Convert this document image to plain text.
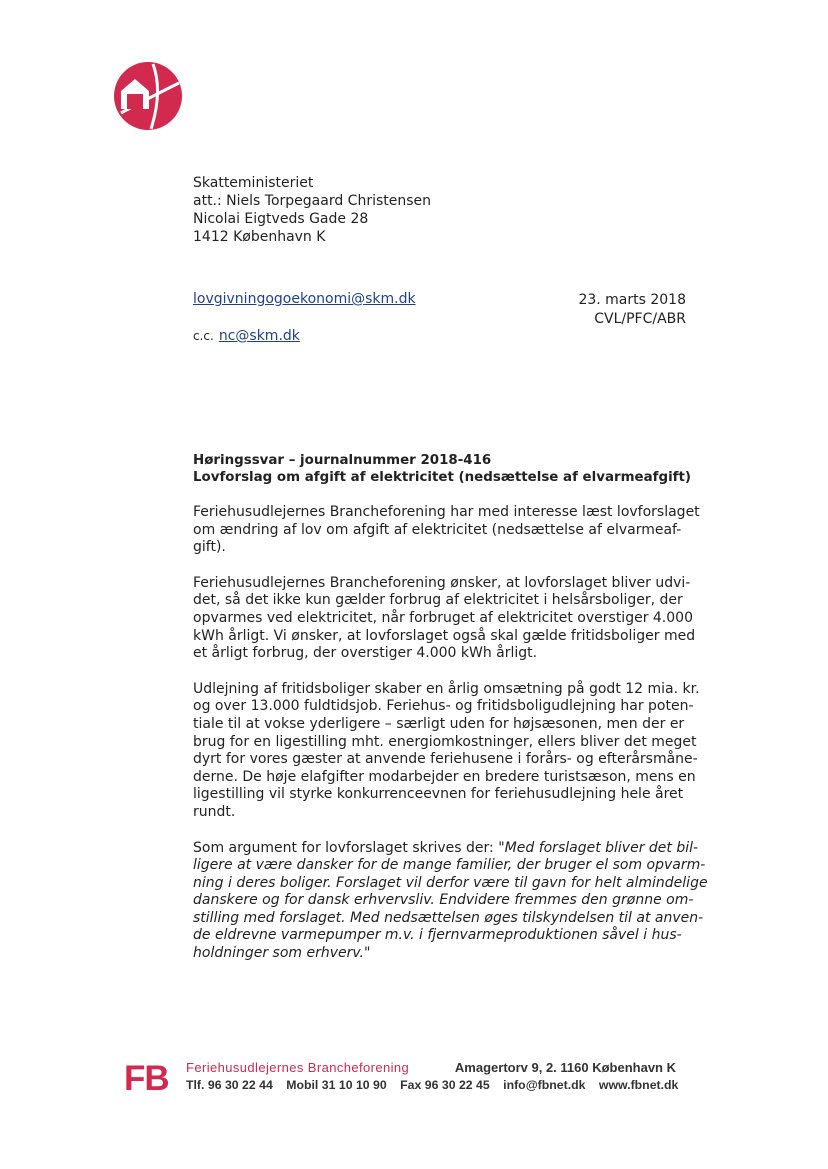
Skatteministeriet
att.: Niels Torpegaard Christensen
Nicolai Eigtveds Gade 28
1412 København K
lovgivningogoekonomi@skm.dk
c.c. nc@skm.dk
23. marts 2018
CVL/PFC/ABR
Høringssvar – journalnummer 2018-416
Lovforslag om afgift af elektricitet (nedsættelse af elvarmeafgift)
Feriehusudlejernes Brancheforening har med interesse læst lovforslaget
om ændring af lov om afgift af elektricitet (nedsættelse af elvarmeaf-
gift).
Feriehusudlejernes Brancheforening ønsker, at lovforslaget bliver udvi-
det, så det ikke kun gælder forbrug af elektricitet i helsårsboliger, der
opvarmes ved elektricitet, når forbruget af elektricitet overstiger 4.000
kWh årligt. Vi ønsker, at lovforslaget også skal gælde fritidsboliger med
et årligt forbrug, der overstiger 4.000 kWh årligt.
Udlejning af fritidsboliger skaber en årlig omsætning på godt 12 mia. kr.
og over 13.000 fuldtidsjob. Feriehus- og fritidsboligudlejning har poten-
tiale til at vokse yderligere – særligt uden for højsæsonen, men der er
brug for en ligestilling mht. energiomkostninger, ellers bliver det meget
dyrt for vores gæster at anvende feriehusene i forårs- og efterårsmåne-
derne. De høje elafgifter modarbejder en bredere turistsæson, mens en
ligestilling vil styrke konkurrenceevnen for feriehusudlejning hele året
rundt.
Som argument for lovforslaget skrives der: "Med forslaget bliver det bil-
ligere at være dansker for de mange familier, der bruger el som opvarm-
ning i deres boliger. Forslaget vil derfor være til gavn for helt almindelige
danskere og for dansk erhvervsliv. Endvidere fremmes den grønne om-
stilling med forslaget. Med nedsættelsen øges tilskyndelsen til at anven-
de eldrevne varmepumper m.v. i fjernvarmeproduktionen såvel i hus-
holdninger som erhverv."
FB Feriehusudlejernes Brancheforening	Amagertorv 9, 2. 1160 København K
Tlf. 96 30 22 44 Mobil 31 10 10 90 Fax 96 30 22 45 info@fbnet.dk www.fbnet.dk
